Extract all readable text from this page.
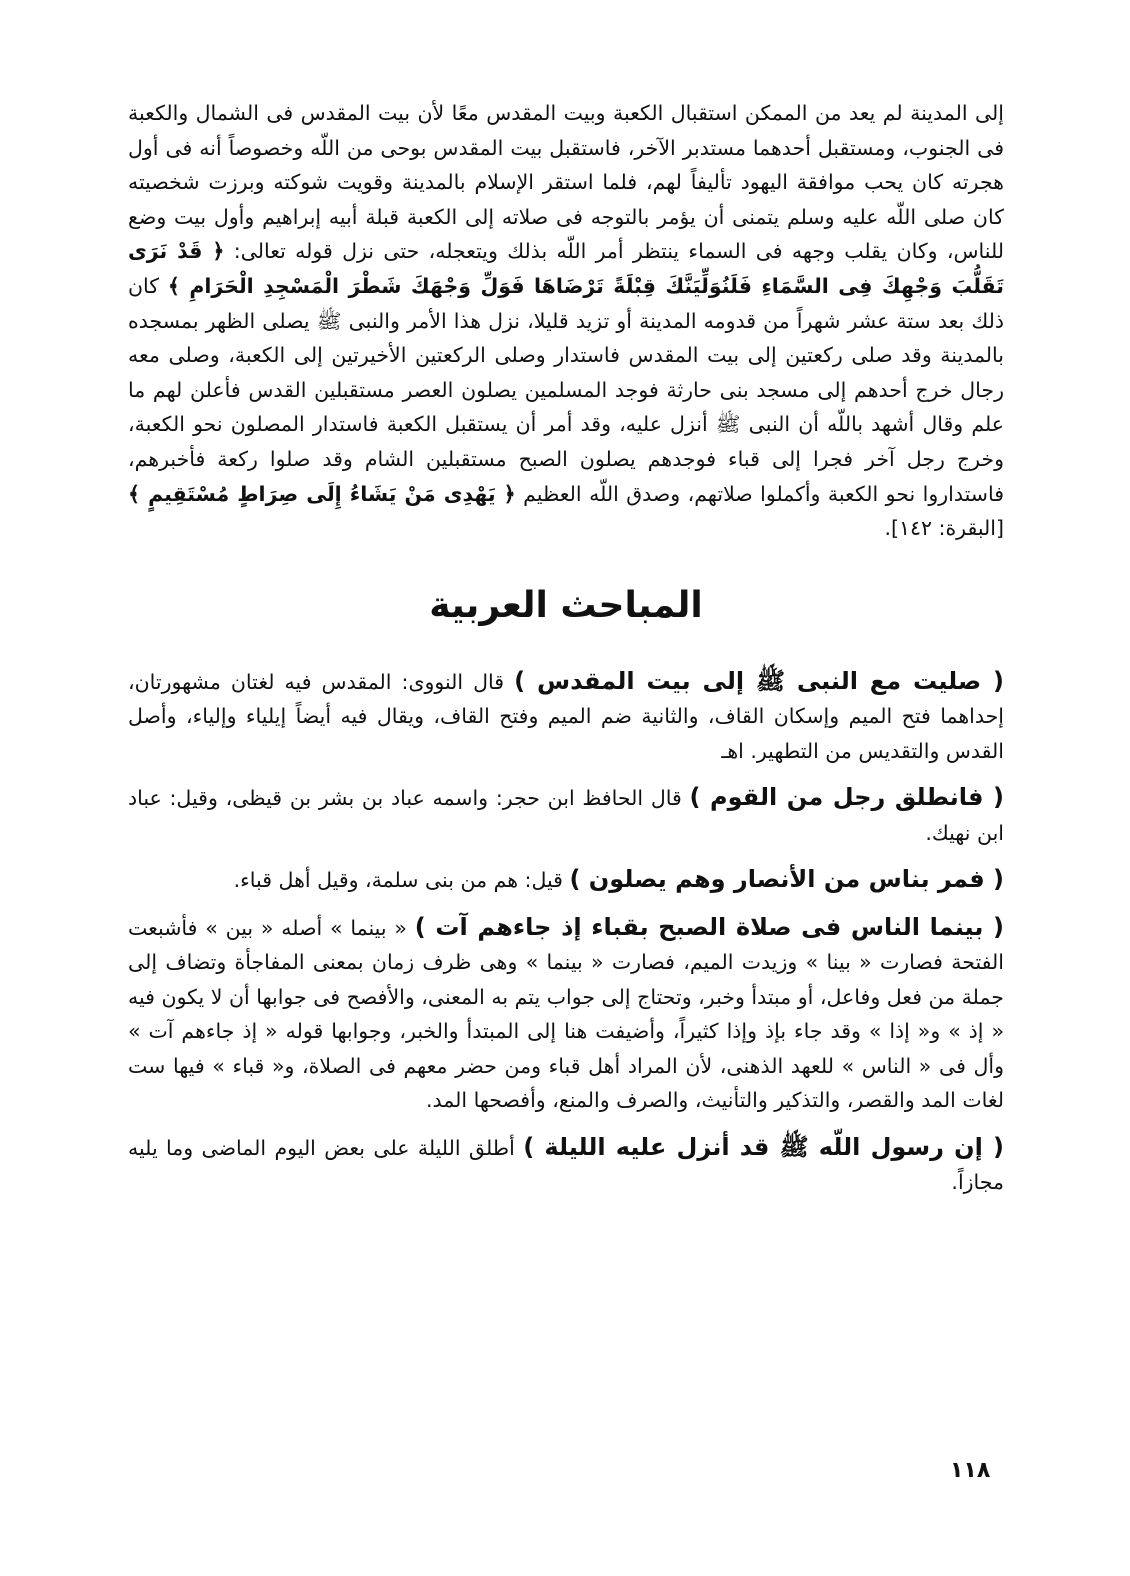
إلى المدينة لم يعد من الممكن استقبال الكعبة وبيت المقدس معًا لأن بيت المقدس فى الشمال والكعبة فى الجنوب، ومستقبل أحدهما مستدبر الآخر، فاستقبل بيت المقدس بوحى من اللّه وخصوصاً أنه فى أول هجرته كان يحب موافقة اليهود تأليفاً لهم، فلما استقر الإسلام بالمدينة وقويت شوكته وبرزت شخصيته كان صلى اللّه عليه وسلم يتمنى أن يؤمر بالتوجه فى صلاته إلى الكعبة قبلة أبيه إبراهيم وأول بيت وضع للناس، وكان يقلب وجهه فى السماء ينتظر أمر اللّه بذلك ويتعجله، حتى نزل قوله تعالى: ﴿ قَدْ نَرَى تَقَلُّبَ وَجْهِكَ فِى السَّمَاءِ فَلَنُوَلِّيَنَّكَ قِبْلَةً تَرْضَاهَا فَوَلِّ وَجْهَكَ شَطْرَ الْمَسْجِدِ الْحَرَامِ ﴾ كان ذلك بعد ستة عشر شهراً من قدومه المدينة أو تزيد قليلا، نزل هذا الأمر والنبى ﷺ يصلى الظهر بمسجده بالمدينة وقد صلى ركعتين إلى بيت المقدس فاستدار وصلى الركعتين الأخيرتين إلى الكعبة، وصلى معه رجال خرج أحدهم إلى مسجد بنى حارثة فوجد المسلمين يصلون العصر مستقبلين القدس فأعلن لهم ما علم وقال أشهد باللّه أن النبى ﷺ أنزل عليه، وقد أمر أن يستقبل الكعبة فاستدار المصلون نحو الكعبة، وخرج رجل آخر فجرا إلى قباء فوجدهم يصلون الصبح مستقبلين الشام وقد صلوا ركعة فأخبرهم، فاستداروا نحو الكعبة وأكملوا صلاتهم، وصدق اللّه العظيم ﴿ يَهْدِى مَنْ يَشَاءُ إِلَى صِرَاطٍ مُسْتَقِيمٍ ﴾ [البقرة: ١٤٢].

المباحث العربية

( صليت مع النبى ﷺ إلى بيت المقدس ) قال النووى: المقدس فيه لغتان مشهورتان، إحداهما فتح الميم وإسكان القاف، والثانية ضم الميم وفتح القاف، ويقال فيه أيضاً إيلياء وإلياء، وأصل القدس والتقديس من التطهير. اهـ

( فانطلق رجل من القوم ) قال الحافظ ابن حجر: واسمه عباد بن بشر بن قيظى، وقيل: عباد ابن نهيك.

( فمر بناس من الأنصار وهم يصلون ) قيل: هم من بنى سلمة، وقيل أهل قباء.

( بينما الناس فى صلاة الصبح بقباء إذ جاءهم آت ) « بينما » أصله « بين » فأشبعت الفتحة فصارت « بينا » وزيدت الميم، فصارت « بينما » وهى ظرف زمان بمعنى المفاجأة وتضاف إلى جملة من فعل وفاعل، أو مبتدأ وخبر، وتحتاج إلى جواب يتم به المعنى، والأفصح فى جوابها أن لا يكون فيه « إذ » و« إذا » وقد جاء بإذ وإذا كثيراً، وأضيفت هنا إلى المبتدأ والخبر، وجوابها قوله « إذ جاءهم آت » وأل فى « الناس » للعهد الذهنى، لأن المراد أهل قباء ومن حضر معهم فى الصلاة، و« قباء » فيها ست لغات المد والقصر، والتذكير والتأنيث، والصرف والمنع، وأفصحها المد.

( إن رسول اللّه ﷺ قد أنزل عليه الليلة ) أطلق الليلة على بعض اليوم الماضى وما يليه مجازاً.

١١٨
